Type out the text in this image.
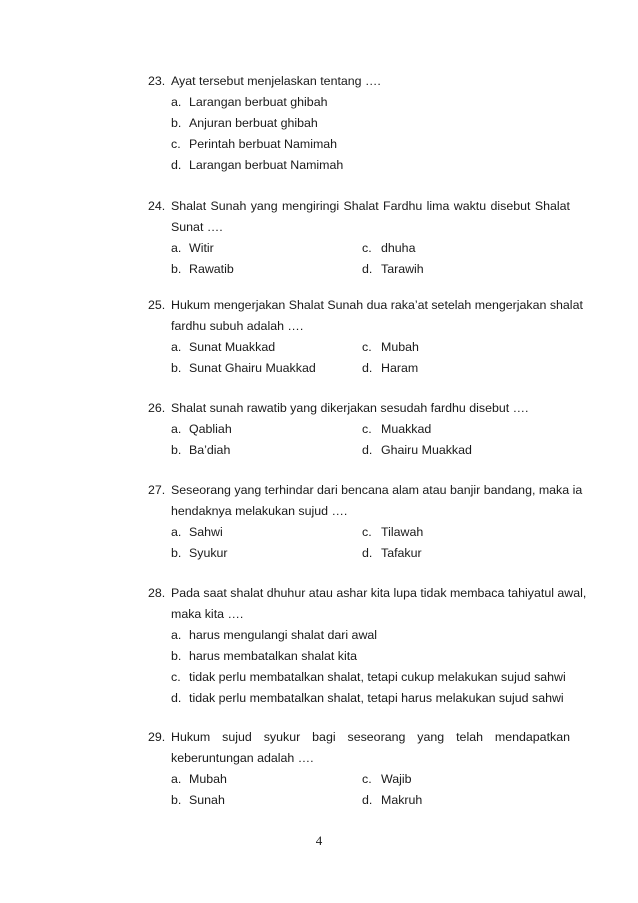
23. Ayat tersebut menjelaskan tentang ….
a. Larangan berbuat ghibah
b. Anjuran berbuat ghibah
c. Perintah berbuat Namimah
d. Larangan berbuat Namimah
24. Shalat Sunah yang mengiringi Shalat Fardhu lima waktu disebut Shalat
Sunat ….
a. Witir	c. dhuha
b. Rawatib	d. Tarawih
25. Hukum mengerjakan Shalat Sunah dua raka’at setelah mengerjakan shalat
fardhu subuh adalah ….
a. Sunat Muakkad	c. Mubah
b. Sunat Ghairu Muakkad	d. Haram
26. Shalat sunah rawatib yang dikerjakan sesudah fardhu disebut ….
a. Qabliah	c. Muakkad
b. Ba’diah	d. Ghairu Muakkad
27. Seseorang yang terhindar dari bencana alam atau banjir bandang, maka ia
hendaknya melakukan sujud ….
a. Sahwi	c. Tilawah
b. Syukur	d. Tafakur
28. Pada saat shalat dhuhur atau ashar kita lupa tidak membaca tahiyatul awal,
maka kita ….
a. harus mengulangi shalat dari awal
b. harus membatalkan shalat kita
c. tidak perlu membatalkan shalat, tetapi cukup melakukan sujud sahwi
d. tidak perlu membatalkan shalat, tetapi harus melakukan sujud sahwi
29. Hukum sujud syukur bagi seseorang yang telah mendapatkan
keberuntungan adalah ….
a. Mubah	c. Wajib
b. Sunah	d. Makruh
4
